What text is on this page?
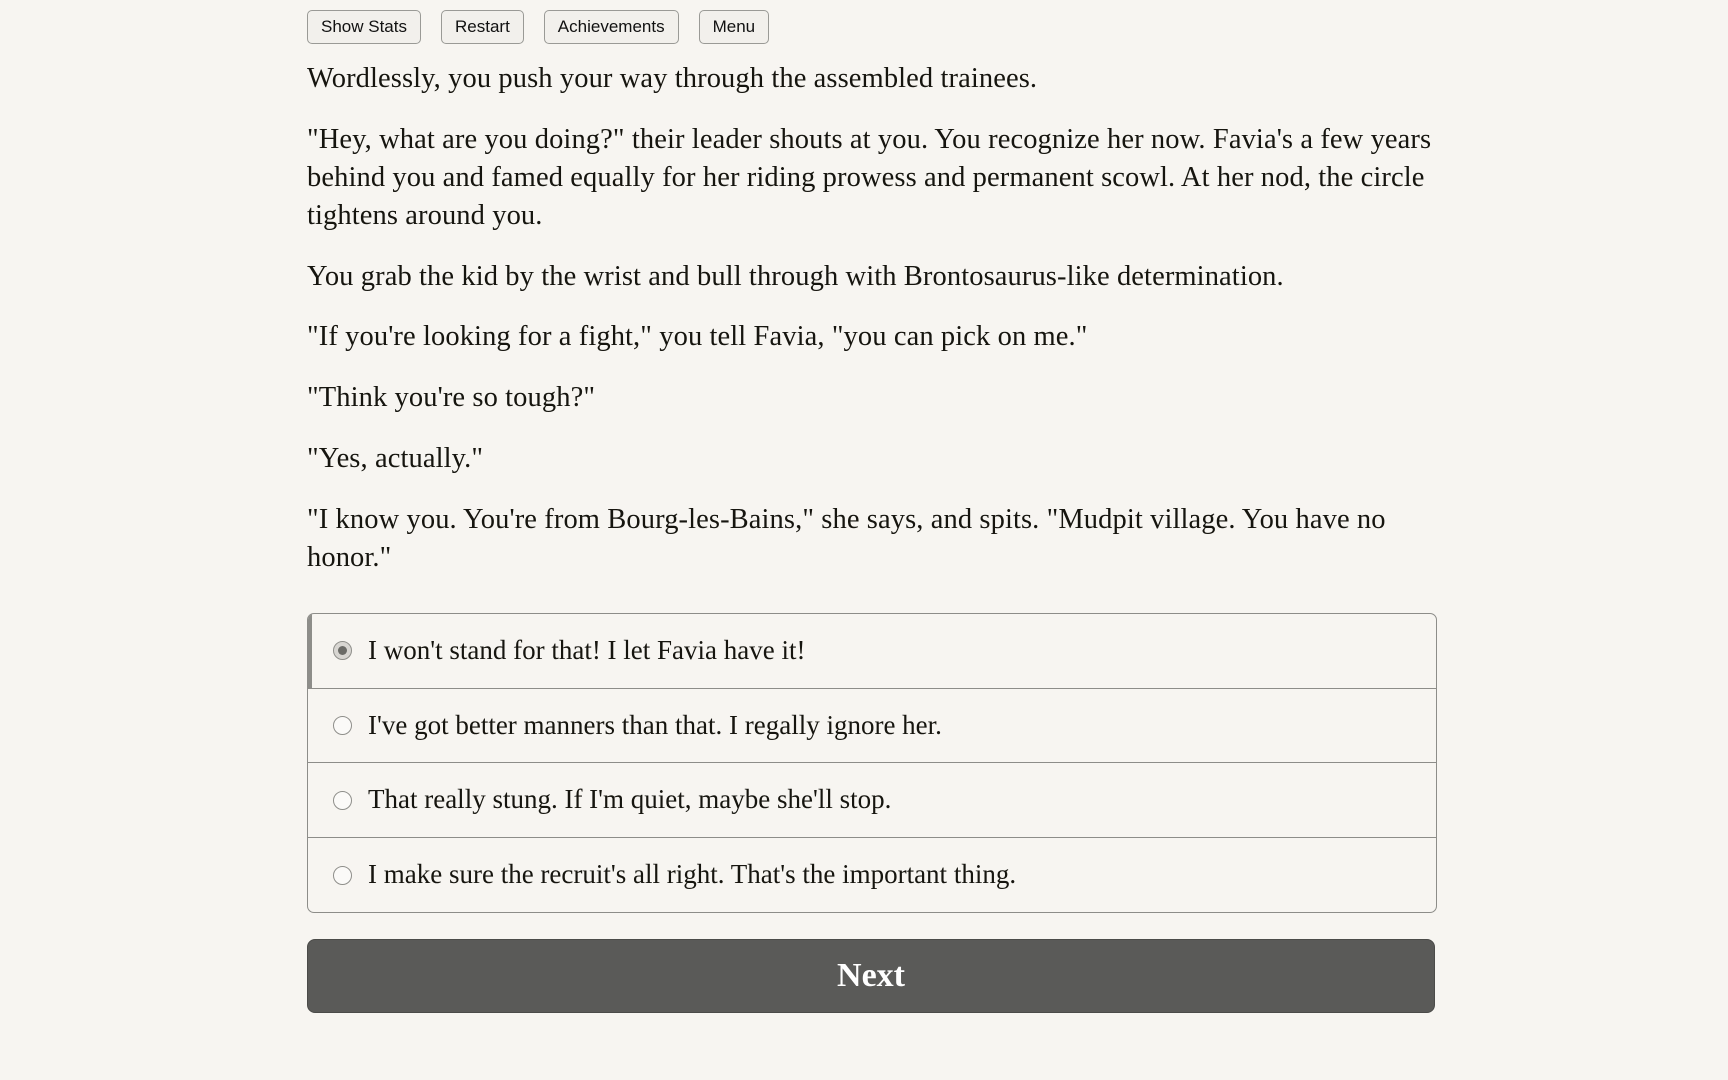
Show Stats	Restart	Achievements	Menu

Wordlessly, you push your way through the assembled trainees.

"Hey, what are you doing?" their leader shouts at you. You recognize her now. Favia's a few years behind you and famed equally for her riding prowess and permanent scowl. At her nod, the circle tightens around you.

You grab the kid by the wrist and bull through with Brontosaurus-like determination.

"If you're looking for a fight," you tell Favia, "you can pick on me."

"Think you're so tough?"

"Yes, actually."

"I know you. You're from Bourg-les-Bains," she says, and spits. "Mudpit village. You have no honor."

I won't stand for that! I let Favia have it!
I've got better manners than that. I regally ignore her.
That really stung. If I'm quiet, maybe she'll stop.
I make sure the recruit's all right. That's the important thing.
Next
